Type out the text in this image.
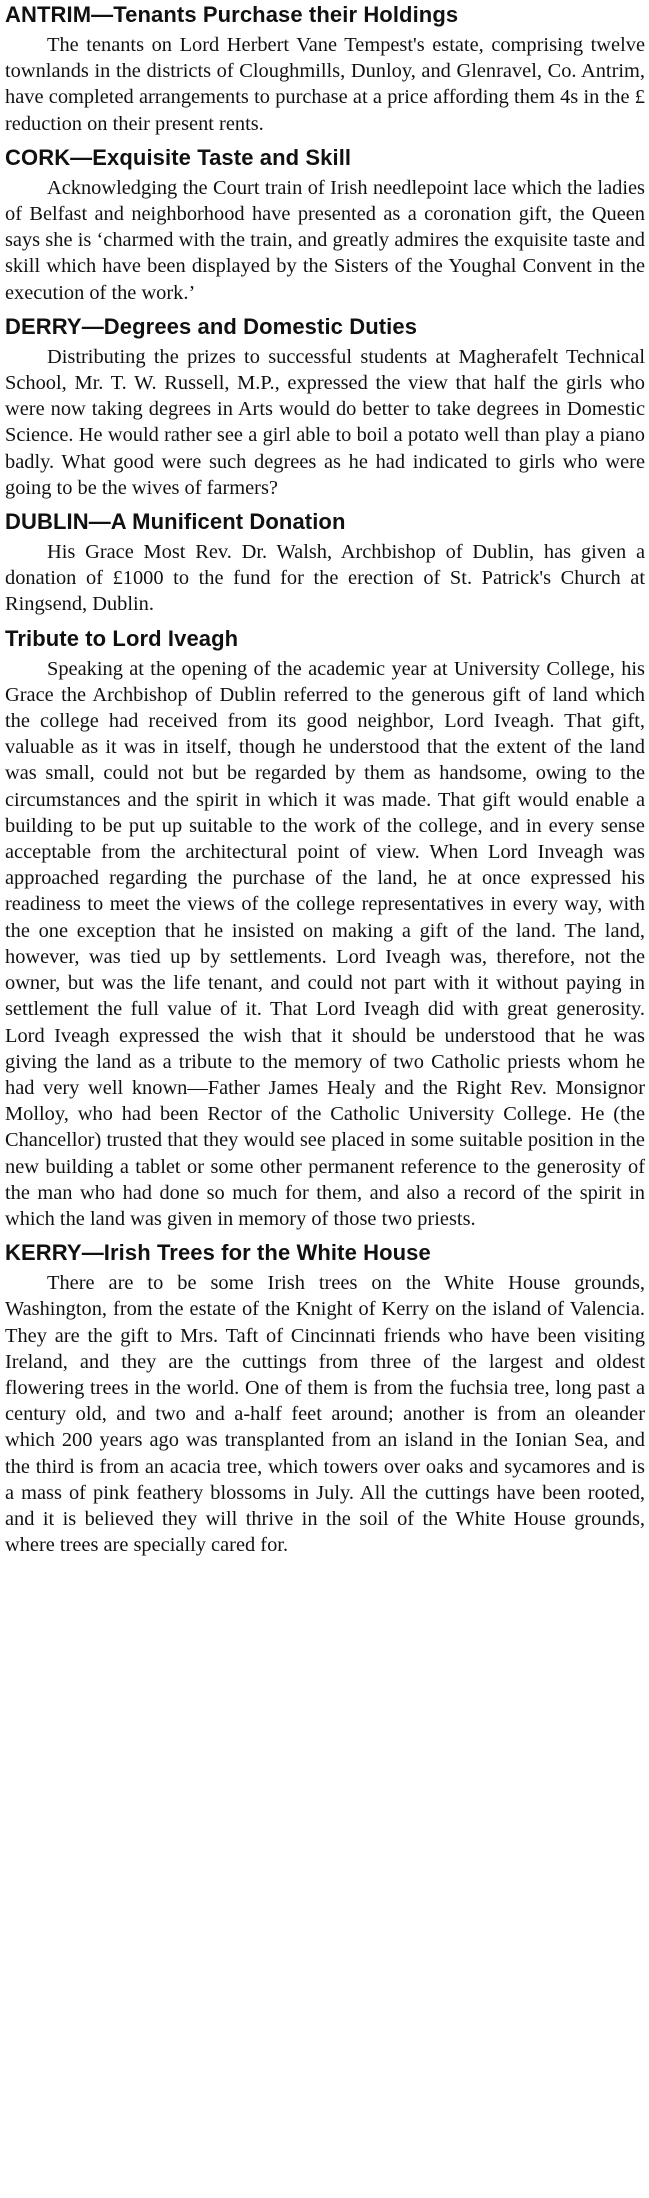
ANTRIM—Tenants Purchase their Holdings

The tenants on Lord Herbert Vane Tempest's estate, comprising twelve townlands in the districts of Cloughmills, Dunloy, and Glenravel, Co. Antrim, have completed arrangements to purchase at a price affording them 4s in the £ reduction on their present rents.

CORK—Exquisite Taste and Skill

Acknowledging the Court train of Irish needlepoint lace which the ladies of Belfast and neighborhood have presented as a coronation gift, the Queen says she is ‘charmed with the train, and greatly admires the exquisite taste and skill which have been displayed by the Sisters of the Youghal Convent in the execution of the work.’

DERRY—Degrees and Domestic Duties

Distributing the prizes to successful students at Magherafelt Technical School, Mr. T. W. Russell, M.P., expressed the view that half the girls who were now taking degrees in Arts would do better to take degrees in Domestic Science. He would rather see a girl able to boil a potato well than play a piano badly. What good were such degrees as he had indicated to girls who were going to be the wives of farmers?

DUBLIN—A Munificent Donation

His Grace Most Rev. Dr. Walsh, Archbishop of Dublin, has given a donation of £1000 to the fund for the erection of St. Patrick's Church at Ringsend, Dublin.

Tribute to Lord Iveagh

Speaking at the opening of the academic year at University College, his Grace the Archbishop of Dublin referred to the generous gift of land which the college had received from its good neighbor, Lord Iveagh. That gift, valuable as it was in itself, though he understood that the extent of the land was small, could not but be regarded by them as handsome, owing to the circumstances and the spirit in which it was made. That gift would enable a building to be put up suitable to the work of the college, and in every sense acceptable from the architectural point of view. When Lord Inveagh was approached regarding the purchase of the land, he at once expressed his readiness to meet the views of the college representatives in every way, with the one exception that he insisted on making a gift of the land. The land, however, was tied up by settlements. Lord Iveagh was, therefore, not the owner, but was the life tenant, and could not part with it without paying in settlement the full value of it. That Lord Iveagh did with great generosity. Lord Iveagh expressed the wish that it should be understood that he was giving the land as a tribute to the memory of two Catholic priests whom he had very well known—Father James Healy and the Right Rev. Monsignor Molloy, who had been Rector of the Catholic University College. He (the Chancellor) trusted that they would see placed in some suitable position in the new building a tablet or some other permanent reference to the generosity of the man who had done so much for them, and also a record of the spirit in which the land was given in memory of those two priests.

KERRY—Irish Trees for the White House

There are to be some Irish trees on the White House grounds, Washington, from the estate of the Knight of Kerry on the island of Valencia. They are the gift to Mrs. Taft of Cincinnati friends who have been visiting Ireland, and they are the cuttings from three of the largest and oldest flowering trees in the world. One of them is from the fuchsia tree, long past a century old, and two and a-half feet around; another is from an oleander which 200 years ago was transplanted from an island in the Ionian Sea, and the third is from an acacia tree, which towers over oaks and sycamores and is a mass of pink feathery blossoms in July. All the cuttings have been rooted, and it is believed they will thrive in the soil of the White House grounds, where trees are specially cared for.
